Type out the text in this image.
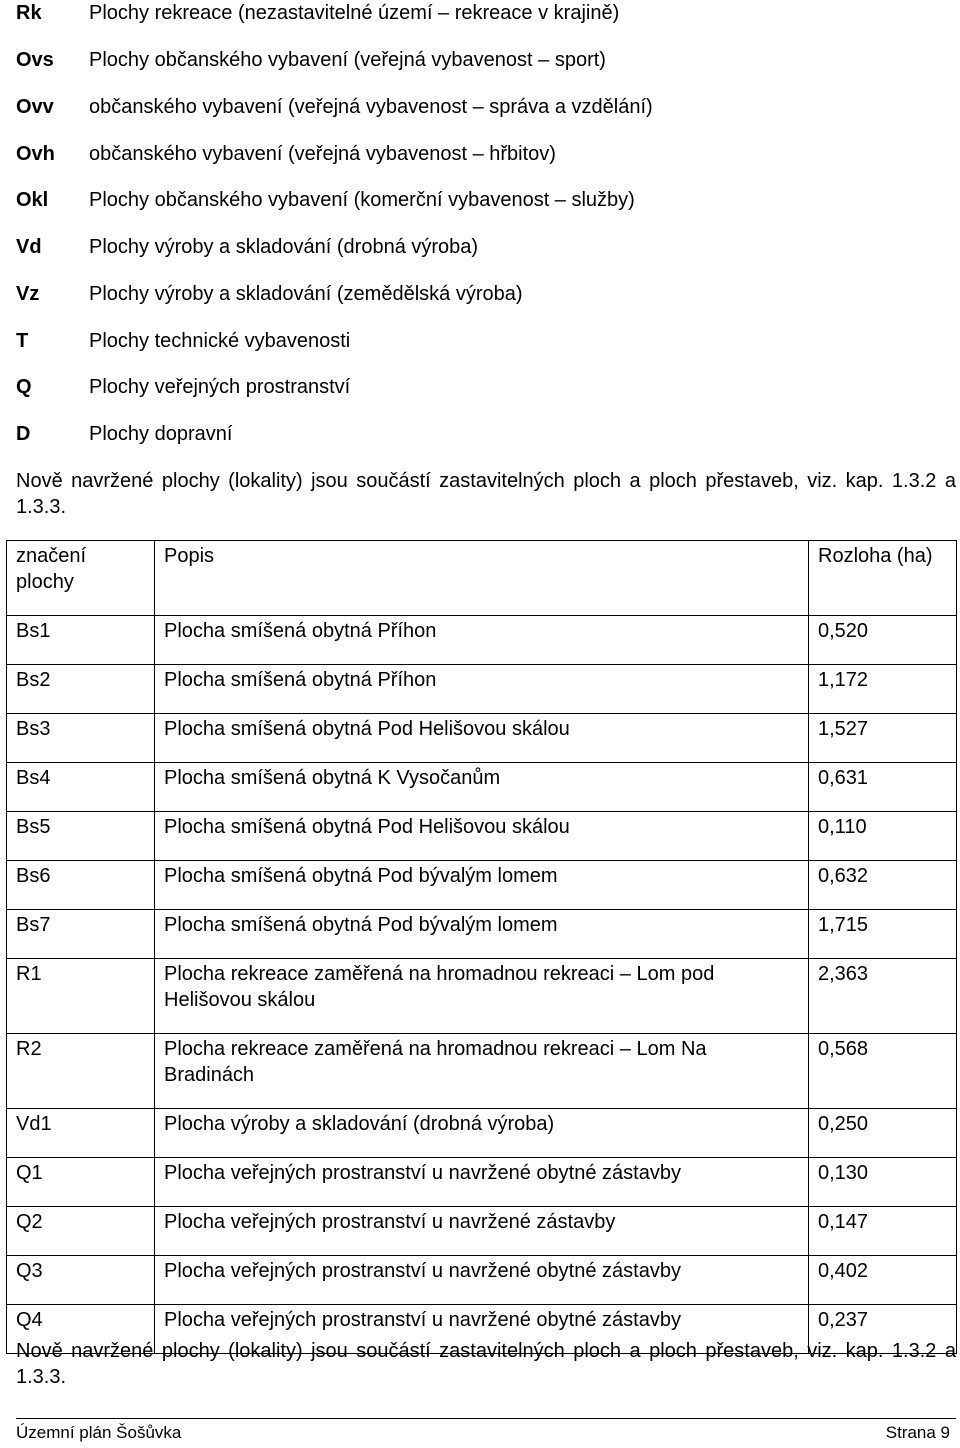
Rk Plochy rekreace (nezastavitelné území – rekreace v krajině)
Ovs Plochy občanského vybavení (veřejná vybavenost – sport)
Ovv občanského vybavení (veřejná vybavenost – správa a vzdělání)
Ovh občanského vybavení (veřejná vybavenost – hřbitov)
Okl Plochy občanského vybavení (komerční vybavenost – služby)
Vd Plochy výroby a skladování (drobná výroba)
Vz Plochy výroby a skladování (zemědělská výroba)
T	Plochy technické vybavenosti
Q	Plochy veřejných prostranství
D	Plochy dopravní
Nově navržené plochy (lokality) jsou součástí zastavitelných ploch a ploch přestaveb, viz. kap. 1.3.2 a 1.3.3.
značení plochy	Popis	Rozloha (ha)
Bs1	Plocha smíšená obytná Příhon	0,520
Bs2	Plocha smíšená obytná Příhon	1,172
Bs3	Plocha smíšená obytná Pod Helišovou skálou	1,527
Bs4	Plocha smíšená obytná K Vysočanům	0,631
Bs5	Plocha smíšená obytná Pod Helišovou skálou	0,110
Bs6	Plocha smíšená obytná Pod bývalým lomem	0,632
Bs7	Plocha smíšená obytná Pod bývalým lomem	1,715
R1	Plocha rekreace zaměřená na hromadnou rekreaci – Lom pod Helišovou skálou	2,363
R2	Plocha rekreace zaměřená na hromadnou rekreaci – Lom Na Bradinách	0,568
Vd1	Plocha výroby a skladování (drobná výroba)	0,250
Q1	Plocha veřejných prostranství u navržené obytné zástavby	0,130
Q2	Plocha veřejných prostranství u navržené zástavby	0,147
Q3	Plocha veřejných prostranství u navržené obytné zástavby	0,402
Q4	Plocha veřejných prostranství u navržené obytné zástavby	0,237
Nově navržené plochy (lokality) jsou součástí zastavitelných ploch a ploch přestaveb, viz. kap. 1.3.2 a 1.3.3.
Územní plán Šošůvka	Strana 9
